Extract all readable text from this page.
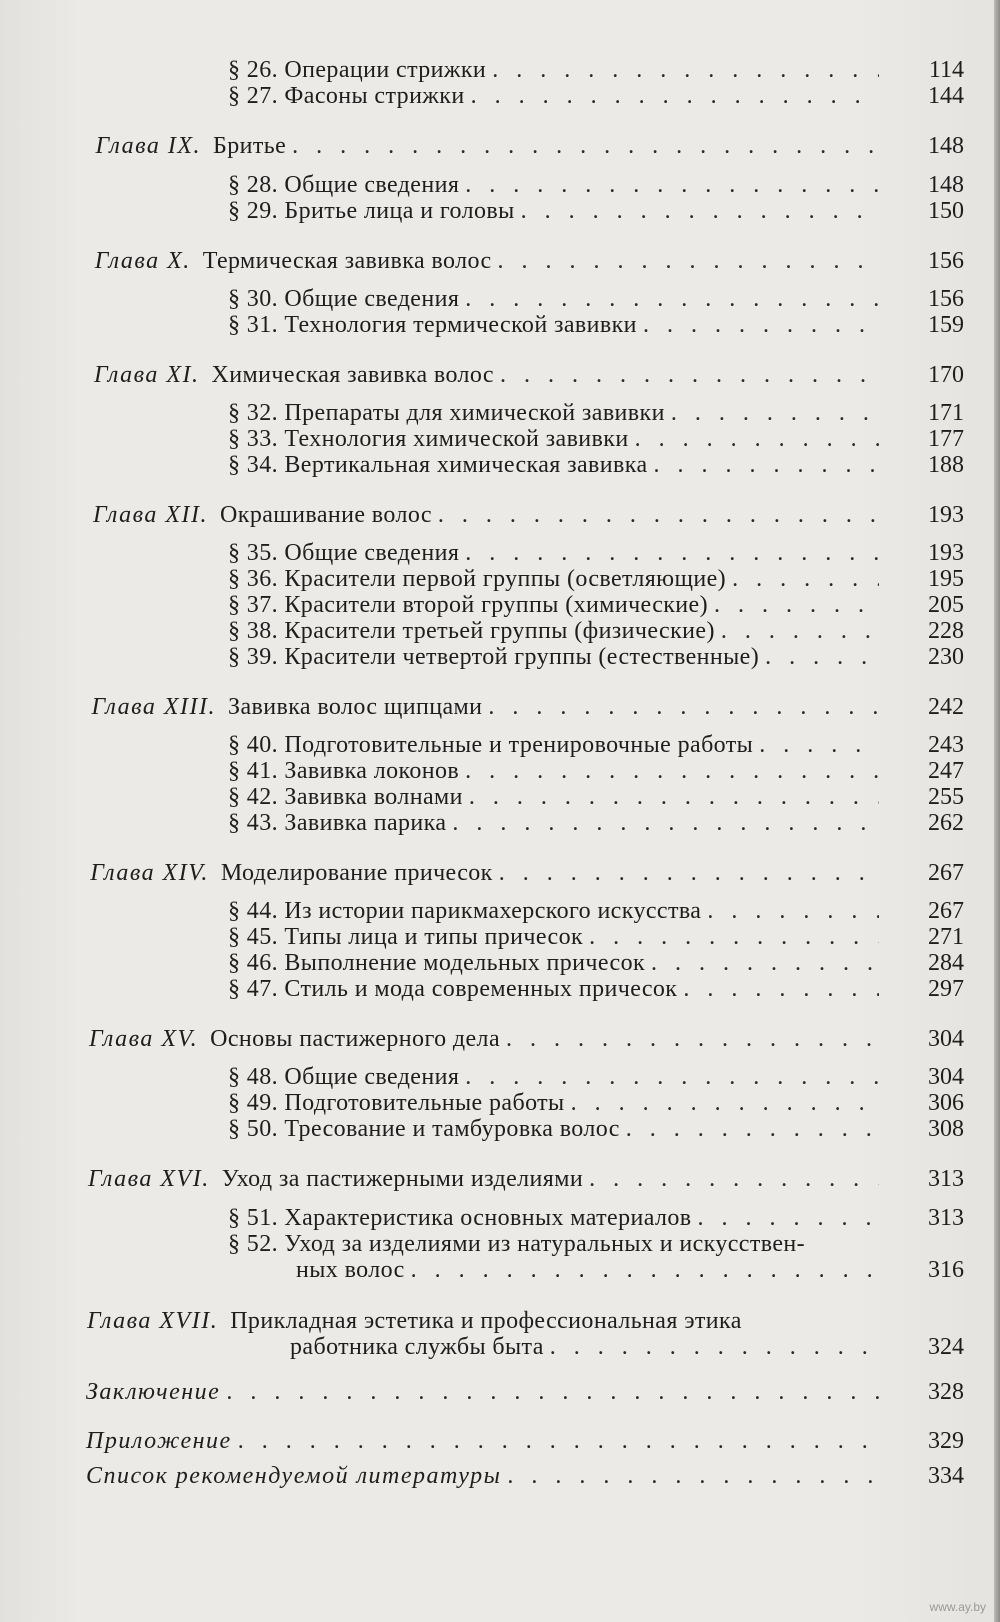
§ 26. Операции стрижки . . .	114
§ 27. Фасоны стрижки . . .	144
Глава IX. Бритье . . .	148
§ 28. Общие сведения . . .	148
§ 29. Бритье лица и головы . . .	150
Глава X. Термическая завивка волос . . .	156
§ 30. Общие сведения . . .	156
§ 31. Технология термической завивки . . .	159
Глава XI. Химическая завивка волос . . .	170
§ 32. Препараты для химической завивки . . .	171
§ 33. Технология химической завивки . . .	177
§ 34. Вертикальная химическая завивка . . .	188
Глава XII. Окрашивание волос . . .	193
§ 35. Общие сведения . . .	193
§ 36. Красители первой группы (осветляющие) . . .	195
§ 37. Красители второй группы (химические) . . .	205
§ 38. Красители третьей группы (физические) . . .	228
§ 39. Красители четвертой группы (естественные) . . .	230
Глава XIII. Завивка волос щипцами . . .	242
§ 40. Подготовительные и тренировочные работы . . .	243
§ 41. Завивка локонов . . .	247
§ 42. Завивка волнами . . .	255
§ 43. Завивка парика . . .	262
Глава XIV. Моделирование причесок . . .	267
§ 44. Из истории парикмахерского искусства . . .	267
§ 45. Типы лица и типы причесок . . .	271
§ 46. Выполнение модельных причесок . . .	284
§ 47. Стиль и мода современных причесок . . .	297
Глава XV. Основы пастижерного дела . . .	304
§ 48. Общие сведения . . .	304
§ 49. Подготовительные работы . . .	306
§ 50. Тресование и тамбуровка волос . . .	308
Глава XVI. Уход за пастижерными изделиями . . .	313
§ 51. Характеристика основных материалов . . .	313
§ 52. Уход за изделиями из натуральных и искусствен-
ных волос . . .	316
Глава XVII. Прикладная эстетика и профессиональная этика
работника службы быта . . .	324
Заключение . . .	328
Приложение . . .	329
Список рекомендуемой литературы . . .	334
www.ay.by
